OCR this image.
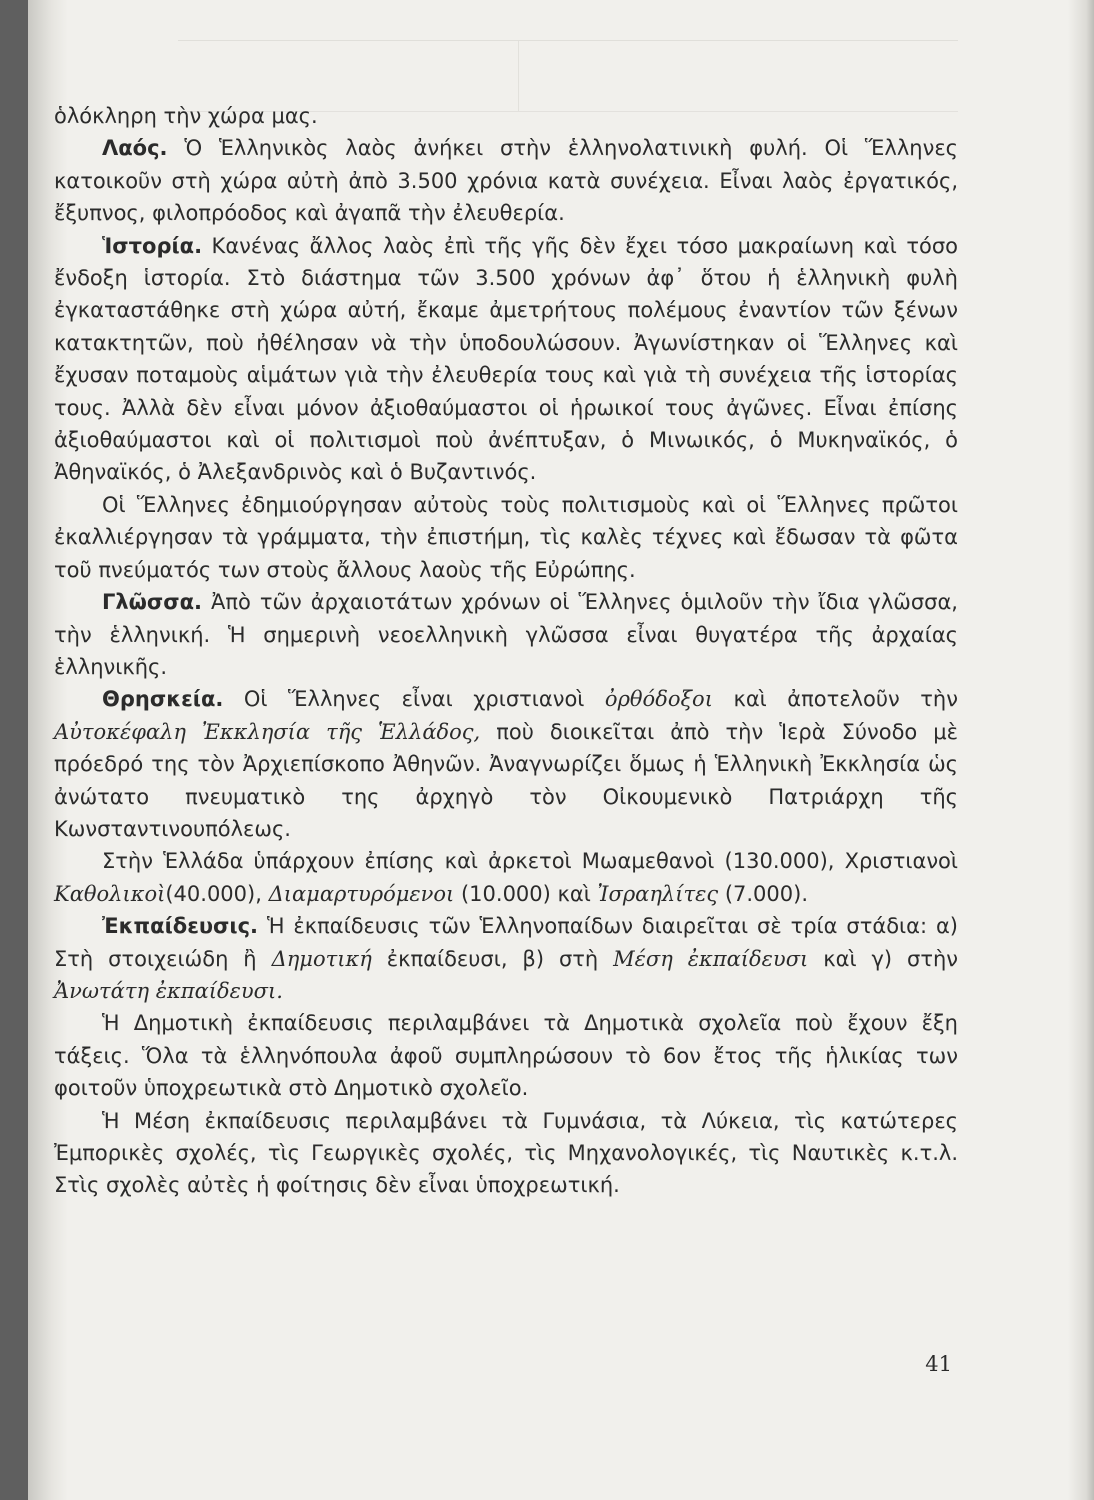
ὁλόκληρη τὴν χώρα μας.

Λαός. Ὁ Ἑλληνικὸς λαὸς ἀνήκει στὴν ἑλληνολατινικὴ φυλή. Οἱ Ἕλληνες κατοικοῦν στὴ χώρα αὐτὴ ἀπὸ 3.500 χρόνια κατὰ συνέχεια. Εἶναι λαὸς ἐργατικός, ἔξυπνος, φιλοπρόοδος καὶ ἀγαπᾶ τὴν ἐλευθερία.

Ἱστορία. Κανένας ἄλλος λαὸς ἐπὶ τῆς γῆς δὲν ἔχει τόσο μακραίωνη καὶ τόσο ἔνδοξη ἱστορία. Στὸ διάστημα τῶν 3.500 χρόνων ἀφ᾽ ὅτου ἡ ἑλληνικὴ φυλὴ ἐγκαταστάθηκε στὴ χώρα αὐτή, ἔκαμε ἀμετρήτους πολέμους ἐναντίον τῶν ξένων κατακτητῶν, ποὺ ἠθέλησαν νὰ τὴν ὑποδουλώσουν. Ἀγωνίστηκαν οἱ Ἕλληνες καὶ ἔχυσαν ποταμοὺς αἱμάτων γιὰ τὴν ἐλευθερία τους καὶ γιὰ τὴ συνέχεια τῆς ἱστορίας τους. Ἀλλὰ δὲν εἶναι μόνον ἀξιοθαύμαστοι οἱ ἡρωικοί τους ἀγῶνες. Εἶναι ἐπίσης ἀξιοθαύμαστοι καὶ οἱ πολιτισμοὶ ποὺ ἀνέπτυξαν, ὁ Μινωικός, ὁ Μυκηναϊκός, ὁ Ἀθηναϊκός, ὁ Ἀλεξανδρινὸς καὶ ὁ Βυζαντινός.

Οἱ Ἕλληνες ἐδημιούργησαν αὐτοὺς τοὺς πολιτισμοὺς καὶ οἱ Ἕλληνες πρῶτοι ἐκαλλιέργησαν τὰ γράμματα, τὴν ἐπιστήμη, τὶς καλὲς τέχνες καὶ ἔδωσαν τὰ φῶτα τοῦ πνεύματός των στοὺς ἄλλους λαοὺς τῆς Εὐρώπης.

Γλῶσσα. Ἀπὸ τῶν ἀρχαιοτάτων χρόνων οἱ Ἕλληνες ὁμιλοῦν τὴν ἴδια γλῶσσα, τὴν ἑλληνική. Ἡ σημερινὴ νεοελληνικὴ γλῶσσα εἶναι θυγατέρα τῆς ἀρχαίας ἑλληνικῆς.

Θρησκεία. Οἱ Ἕλληνες εἶναι χριστιανοὶ ὀρθόδοξοι καὶ ἀποτελοῦν τὴν Αὐτοκέφαλη Ἐκκλησία τῆς Ἑλλάδος, ποὺ διοικεῖται ἀπὸ τὴν Ἱερὰ Σύνοδο μὲ πρόεδρό της τὸν Ἀρχιεπίσκοπο Ἀθηνῶν. Ἀναγνωρίζει ὅμως ἡ Ἑλληνικὴ Ἐκκλησία ὡς ἀνώτατο πνευματικὸ της ἀρχηγὸ τὸν Οἰκουμενικὸ Πατριάρχη τῆς Κωνσταντινουπόλεως.

Στὴν Ἑλλάδα ὑπάρχουν ἐπίσης καὶ ἀρκετοὶ Μωαμεθανοὶ (130.000), Χριστιανοὶ Καθολικοὶ(40.000), Διαμαρτυρόμενοι (10.000) καὶ Ἰσραηλίτες (7.000).

Ἐκπαίδευσις. Ἡ ἐκπαίδευσις τῶν Ἑλληνοπαίδων διαιρεῖται σὲ τρία στάδια: α) Στὴ στοιχειώδη ἢ Δημοτική ἐκπαίδευσι, β) στὴ Μέση ἐκπαίδευσι καὶ γ) στὴν Ἀνωτάτη ἐκπαίδευσι.

Ἡ Δημοτικὴ ἐκπαίδευσις περιλαμβάνει τὰ Δημοτικὰ σχολεῖα ποὺ ἔχουν ἔξη τάξεις. Ὅλα τὰ ἑλληνόπουλα ἀφοῦ συμπληρώσουν τὸ 6ον ἔτος τῆς ἡλικίας των φοιτοῦν ὑποχρεωτικὰ στὸ Δημοτικὸ σχολεῖο.

Ἡ Μέση ἐκπαίδευσις περιλαμβάνει τὰ Γυμνάσια, τὰ Λύκεια, τὶς κατώτερες Ἐμπορικὲς σχολές, τὶς Γεωργικὲς σχολές, τὶς Μηχανολογικές, τὶς Ναυτικὲς κ.τ.λ. Στὶς σχολὲς αὐτὲς ἡ φοίτησις δὲν εἶναι ὑποχρεωτική.

41
